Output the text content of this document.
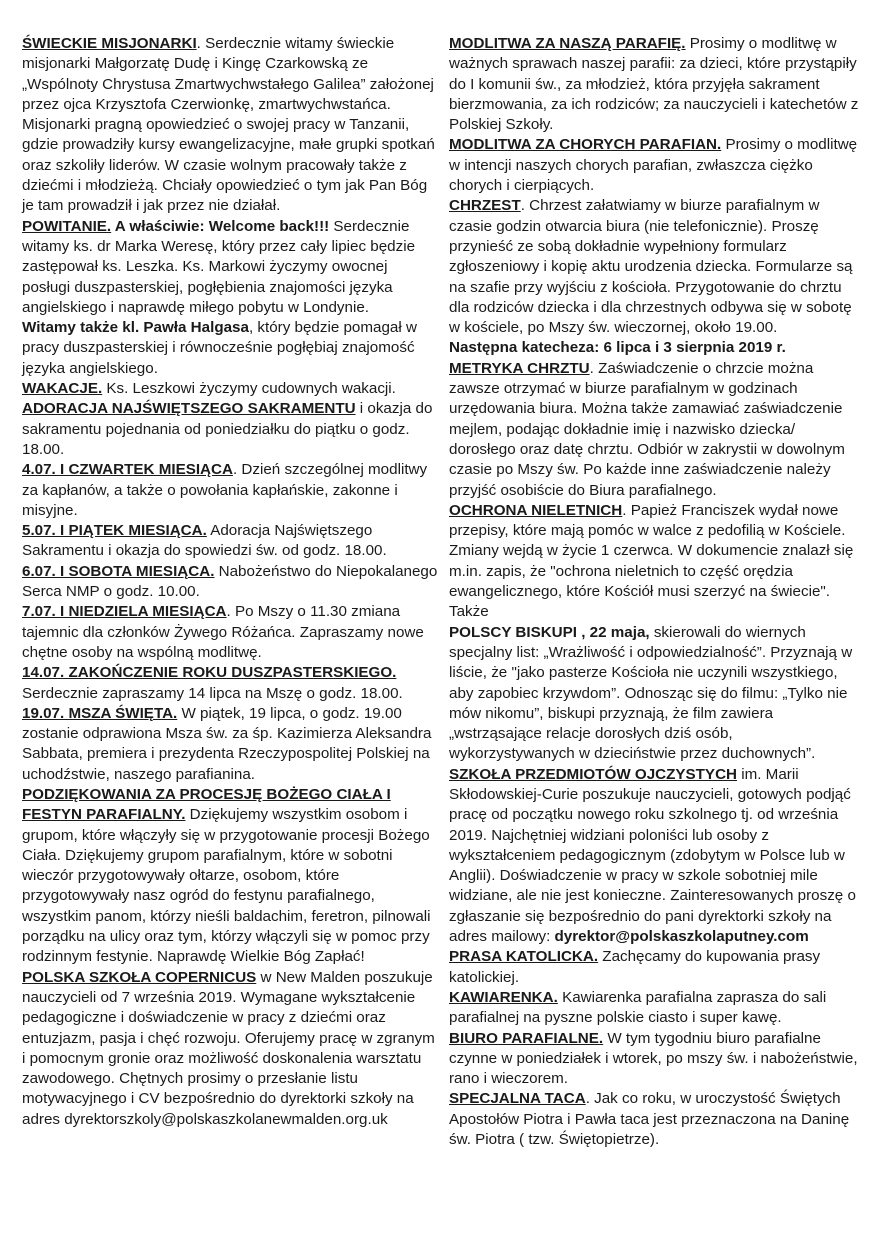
ŚWIECKIE MISJONARKI. Serdecznie witamy świeckie misjonarki Małgorzatę Dudę i Kingę Czarkowską ze „Wspólnoty Chrystusa Zmartwychwstałego Galilea” założonej przez ojca Krzysztofa Czerwionkę, zmartwychwstańca. Misjonarki pragną opowiedzieć o swojej pracy w Tanzanii, gdzie prowadziły kursy ewangelizacyjne, małe grupki spotkań oraz szkoliły liderów. W czasie wolnym pracowały także z dziećmi i młodzieżą. Chciały opowiedzieć o tym jak Pan Bóg je tam prowadził i jak przez nie działał.

POWITANIE. A właściwie: Welcome back!!! Serdecznie witamy ks. dr Marka Weresę, który przez cały lipiec będzie zastępował ks. Leszka. Ks. Markowi życzymy owocnej posługi duszpasterskiej, pogłębienia znajomości języka angielskiego i naprawdę miłego pobytu w Londynie.

Witamy także kl. Pawła Halgasa, który będzie pomagał w pracy duszpasterskiej i równocześnie pogłębiaj znajomość języka angielskiego.

WAKACJE. Ks. Leszkowi życzymy cudownych wakacji.

ADORACJA NAJŚWIĘTSZEGO SAKRAMENTU i okazja do sakramentu pojednania od poniedziałku do piątku o godz. 18.00.

4.07. I CZWARTEK MIESIĄCA. Dzień szczególnej modlitwy za kapłanów, a także o powołania kapłańskie, zakonne i misyjne.

5.07. I PIĄTEK MIESIĄCA. Adoracja Najświętszego Sakramentu i okazja do spowiedzi św. od godz. 18.00.

6.07. I SOBOTA MIESIĄCA. Nabożeństwo do Niepokalanego Serca NMP o godz. 10.00.

7.07. I NIEDZIELA MIESIĄCA. Po Mszy o 11.30 zmiana tajemnic dla członków Żywego Różańca. Zapraszamy nowe chętne osoby na wspólną modlitwę.

14.07. ZAKOŃCZENIE ROKU DUSZPASTERSKIEGO. Serdecznie zapraszamy 14 lipca na Mszę o godz. 18.00.

19.07. MSZA ŚWIĘTA. W piątek, 19 lipca, o godz. 19.00 zostanie odprawiona Msza św. za śp. Kazimierza Aleksandra Sabbata, premiera i prezydenta Rzeczypospolitej Polskiej na uchodźstwie, naszego parafianina.

PODZIĘKOWANIA ZA PROCESJĘ BOŻEGO CIAŁA I FESTYN PARAFIALNY. Dziękujemy wszystkim osobom i grupom, które włączyły się w przygotowanie procesji Bożego Ciała. Dziękujemy grupom parafialnym, które w sobotni wieczór przygotowywały ołtarze, osobom, które przygotowywały nasz ogród do festynu parafialnego, wszystkim panom, którzy nieśli baldachim, feretron, pilnowali porządku na ulicy oraz tym, którzy włączyli się w pomoc przy rodzinnym festynie. Naprawdę Wielkie Bóg Zapłać!

POLSKA SZKOŁA COPERNICUS w New Malden poszukuje nauczycieli od 7 września 2019. Wymagane wykształcenie pedagogiczne i doświadczenie w pracy z dziećmi oraz entuzjazm, pasja i chęć rozwoju. Oferujemy pracę w zgranym i pomocnym gronie oraz możliwość doskonalenia warsztatu zawodowego. Chętnych prosimy o przesłanie listu motywacyjnego i CV bezpośrednio do dyrektorki szkoły na adres dyrektorszkoly@polskaszkolanewmalden.org.uk

MODLITWA ZA NASZĄ PARAFIĘ. Prosimy o modlitwę w ważnych sprawach naszej parafii: za dzieci, które przystąpiły do I komunii św., za młodzież, która przyjęła sakrament bierzmowania, za ich rodziców; za nauczycieli i katechetów z Polskiej Szkoły.

MODLITWA ZA CHORYCH PARAFIAN. Prosimy o modlitwę w intencji naszych chorych parafian, zwłaszcza ciężko chorych i cierpiących.

CHRZEST. Chrzest załatwiamy w biurze parafialnym w czasie godzin otwarcia biura (nie telefonicznie). Proszę przynieść ze sobą dokładnie wypełniony formularz zgłoszeniowy i kopię aktu urodzenia dziecka. Formularze są na szafie przy wyjściu z kościoła. Przygotowanie do chrztu dla rodziców dziecka i dla chrzestnych odbywa się w sobotę w kościele, po Mszy św. wieczornej, około 19.00.

Następna katecheza: 6 lipca i 3 sierpnia 2019 r.

METRYKA CHRZTU. Zaświadczenie o chrzcie można zawsze otrzymać w biurze parafialnym w godzinach urzędowania biura. Można także zamawiać zaświadczenie mejlem, podając dokładnie imię i nazwisko dziecka/ dorosłego oraz datę chrztu. Odbiór w zakrystii w dowolnym czasie po Mszy św. Po każde inne zaświadczenie należy przyjść osobiście do Biura parafialnego.

OCHRONA NIELETNICH. Papież Franciszek wydał nowe przepisy, które mają pomóc w walce z pedofilią w Kościele. Zmiany wejdą w życie 1 czerwca. W dokumencie znalazł się m.in. zapis, że "ochrona nieletnich to część orędzia ewangelicznego, które Kościół musi szerzyć na świecie". Także

POLSCY BISKUPI , 22 maja, skierowali do wiernych specjalny list: „Wrażliwość i odpowiedzialność”. Przyznają w liście, że "jako pasterze Kościoła nie uczynili wszystkiego, aby zapobiec krzywdom”. Odnosząc się do filmu: „Tylko nie mów nikomu”, biskupi przyznają, że film zawiera „wstrząsające relacje dorosłych dziś osób, wykorzystywanych w dzieciństwie przez duchownych”.

SZKOŁA PRZEDMIOTÓW OJCZYSTYCH im. Marii Skłodowskiej-Curie poszukuje nauczycieli, gotowych podjąć pracę od początku nowego roku szkolnego tj. od września 2019. Najchętniej widziani poloniści lub osoby z wykształceniem pedagogicznym (zdobytym w Polsce lub w Anglii). Doświadczenie w pracy w szkole sobotniej mile widziane, ale nie jest konieczne. Zainteresowanych proszę o zgłaszanie się bezpośrednio do pani dyrektorki szkoły na adres mailowy: dyrektor@polskaszkolaputney.com

PRASA KATOLICKA. Zachęcamy do kupowania prasy katolickiej.

KAWIARENKA. Kawiarenka parafialna zaprasza do sali parafialnej na pyszne polskie ciasto i super kawę.

BIURO PARAFIALNE. W tym tygodniu biuro parafialne czynne w poniedziałek i wtorek, po mszy św. i nabożeństwie, rano i wieczorem.

SPECJALNA TACA. Jak co roku, w uroczystość Świętych Apostołów Piotra i Pawła taca jest przeznaczona na Daninę św. Piotra ( tzw. Świętopietrze).
